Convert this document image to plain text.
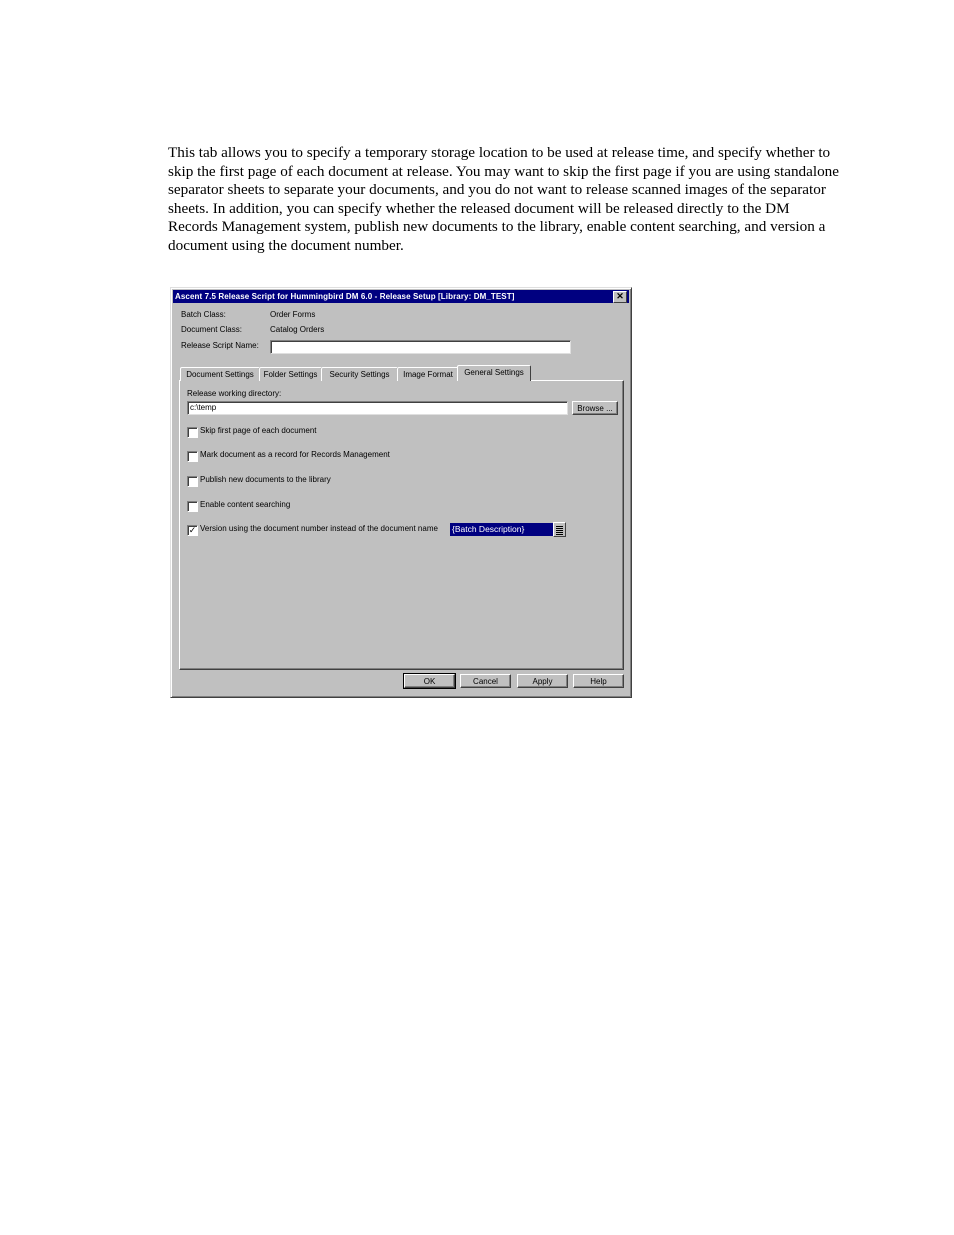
This tab allows you to specify a temporary storage location to be used at release time, and specify whether to skip the first page of each document at release. You may want to skip the first page if you are using standalone separator sheets to separate your documents, and you do not want to release scanned images of the separator sheets. In addition, you can specify whether the released document will be released directly to the DM Records Management system, publish new documents to the library, enable content searching, and version a document using the document number.

Ascent 7.5 Release Script for Hummingbird DM 6.0 - Release Setup [Library: DM_TEST]	✕
Batch Class:	Order Forms
Document Class:	Catalog Orders
Release Script Name:
Document Settings	Folder Settings	Security Settings	Image Format	General Settings
Release working directory:
c:\temp	Browse ...
Skip first page of each document
Mark document as a record for Records Management
Publish new documents to the library
Enable content searching
✓ Version using the document number instead of the document name {Batch Description}
OK	Cancel	Apply	Help
